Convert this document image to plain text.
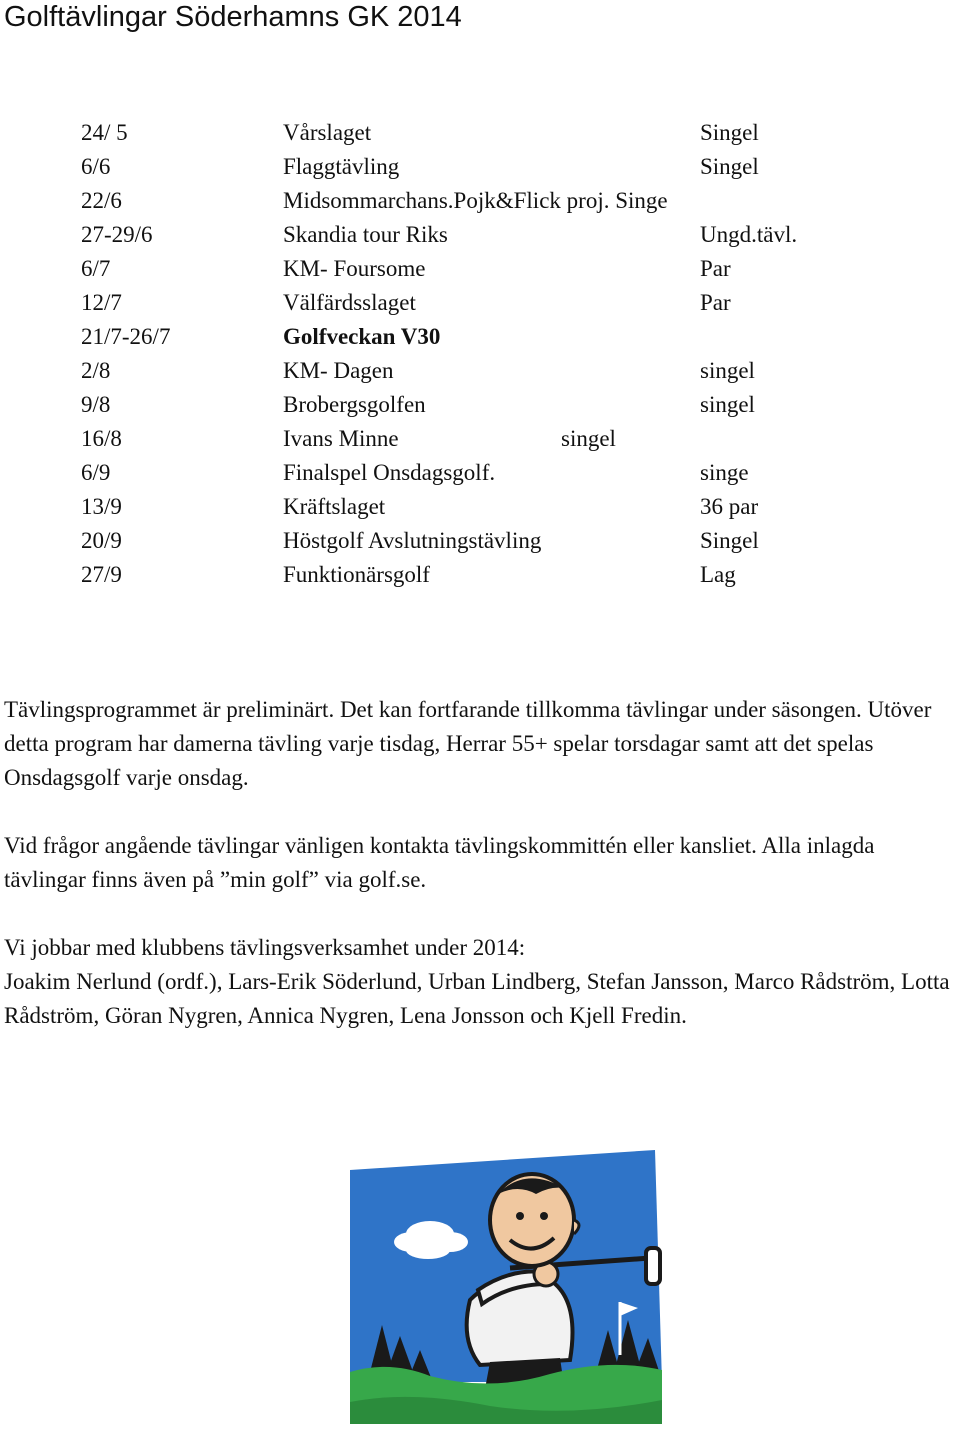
Golftävlingar Söderhamns GK 2014
24/ 5	Vårslaget	Singel
6/6	Flaggtävling	Singel
22/6	Midsommarchans.Pojk&Flick proj. Singe
27-29/6	Skandia tour Riks	Ungd.tävl.
6/7	KM- Foursome	Par
12/7	Välfärdsslaget	Par
21/7-26/7	Golfveckan V30
2/8	KM- Dagen	singel
9/8	Brobergsgolfen	singel
16/8	Ivans Minne	singel
6/9	Finalspel Onsdagsgolf.	singe
13/9	Kräftslaget	36 par
20/9	Höstgolf Avslutningstävling	Singel
27/9	Funktionärsgolf	Lag

Tävlingsprogrammet är preliminärt. Det kan fortfarande tillkomma tävlingar under säsongen. Utöver detta program har damerna tävling varje tisdag, Herrar 55+ spelar torsdagar samt att det spelas Onsdagsgolf varje onsdag.

Vid frågor angående tävlingar vänligen kontakta tävlingskommittén eller kansliet. Alla inlagda tävlingar finns även på ”min golf” via golf.se.

Vi jobbar med klubbens tävlingsverksamhet under 2014:

Joakim Nerlund (ordf.), Lars-Erik Söderlund, Urban Lindberg, Stefan Jansson, Marco Rådström, Lotta Rådström, Göran Nygren, Annica Nygren, Lena Jonsson och Kjell Fredin.
